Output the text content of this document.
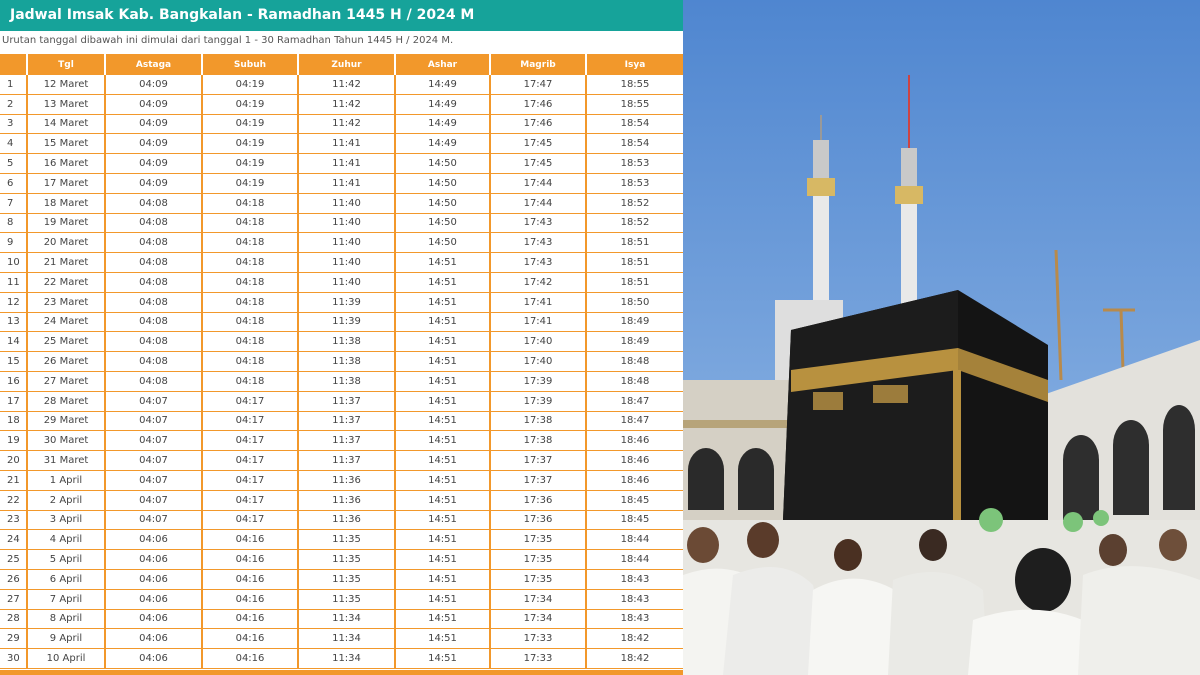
Jadwal Imsak Kab. Bangkalan - Ramadhan 1445 H / 2024 M
Urutan tanggal dibawah ini dimulai dari tanggal 1 - 30 Ramadhan Tahun 1445 H / 2024 M.
	Tgl	Astaga	Subuh	Zuhur	Ashar	Magrib	Isya
1	12 Maret	04:09	04:19	11:42	14:49	17:47	18:55
2	13 Maret	04:09	04:19	11:42	14:49	17:46	18:55
3	14 Maret	04:09	04:19	11:42	14:49	17:46	18:54
4	15 Maret	04:09	04:19	11:41	14:49	17:45	18:54
5	16 Maret	04:09	04:19	11:41	14:50	17:45	18:53
6	17 Maret	04:09	04:19	11:41	14:50	17:44	18:53
7	18 Maret	04:08	04:18	11:40	14:50	17:44	18:52
8	19 Maret	04:08	04:18	11:40	14:50	17:43	18:52
9	20 Maret	04:08	04:18	11:40	14:50	17:43	18:51
10	21 Maret	04:08	04:18	11:40	14:51	17:43	18:51
11	22 Maret	04:08	04:18	11:40	14:51	17:42	18:51
12	23 Maret	04:08	04:18	11:39	14:51	17:41	18:50
13	24 Maret	04:08	04:18	11:39	14:51	17:41	18:49
14	25 Maret	04:08	04:18	11:38	14:51	17:40	18:49
15	26 Maret	04:08	04:18	11:38	14:51	17:40	18:48
16	27 Maret	04:08	04:18	11:38	14:51	17:39	18:48
17	28 Maret	04:07	04:17	11:37	14:51	17:39	18:47
18	29 Maret	04:07	04:17	11:37	14:51	17:38	18:47
19	30 Maret	04:07	04:17	11:37	14:51	17:38	18:46
20	31 Maret	04:07	04:17	11:37	14:51	17:37	18:46
21	1 April	04:07	04:17	11:36	14:51	17:37	18:46
22	2 April	04:07	04:17	11:36	14:51	17:36	18:45
23	3 April	04:07	04:17	11:36	14:51	17:36	18:45
24	4 April	04:06	04:16	11:35	14:51	17:35	18:44
25	5 April	04:06	04:16	11:35	14:51	17:35	18:44
26	6 April	04:06	04:16	11:35	14:51	17:35	18:43
27	7 April	04:06	04:16	11:35	14:51	17:34	18:43
28	8 April	04:06	04:16	11:34	14:51	17:34	18:43
29	9 April	04:06	04:16	11:34	14:51	17:33	18:42
30	10 April	04:06	04:16	11:34	14:51	17:33	18:42
